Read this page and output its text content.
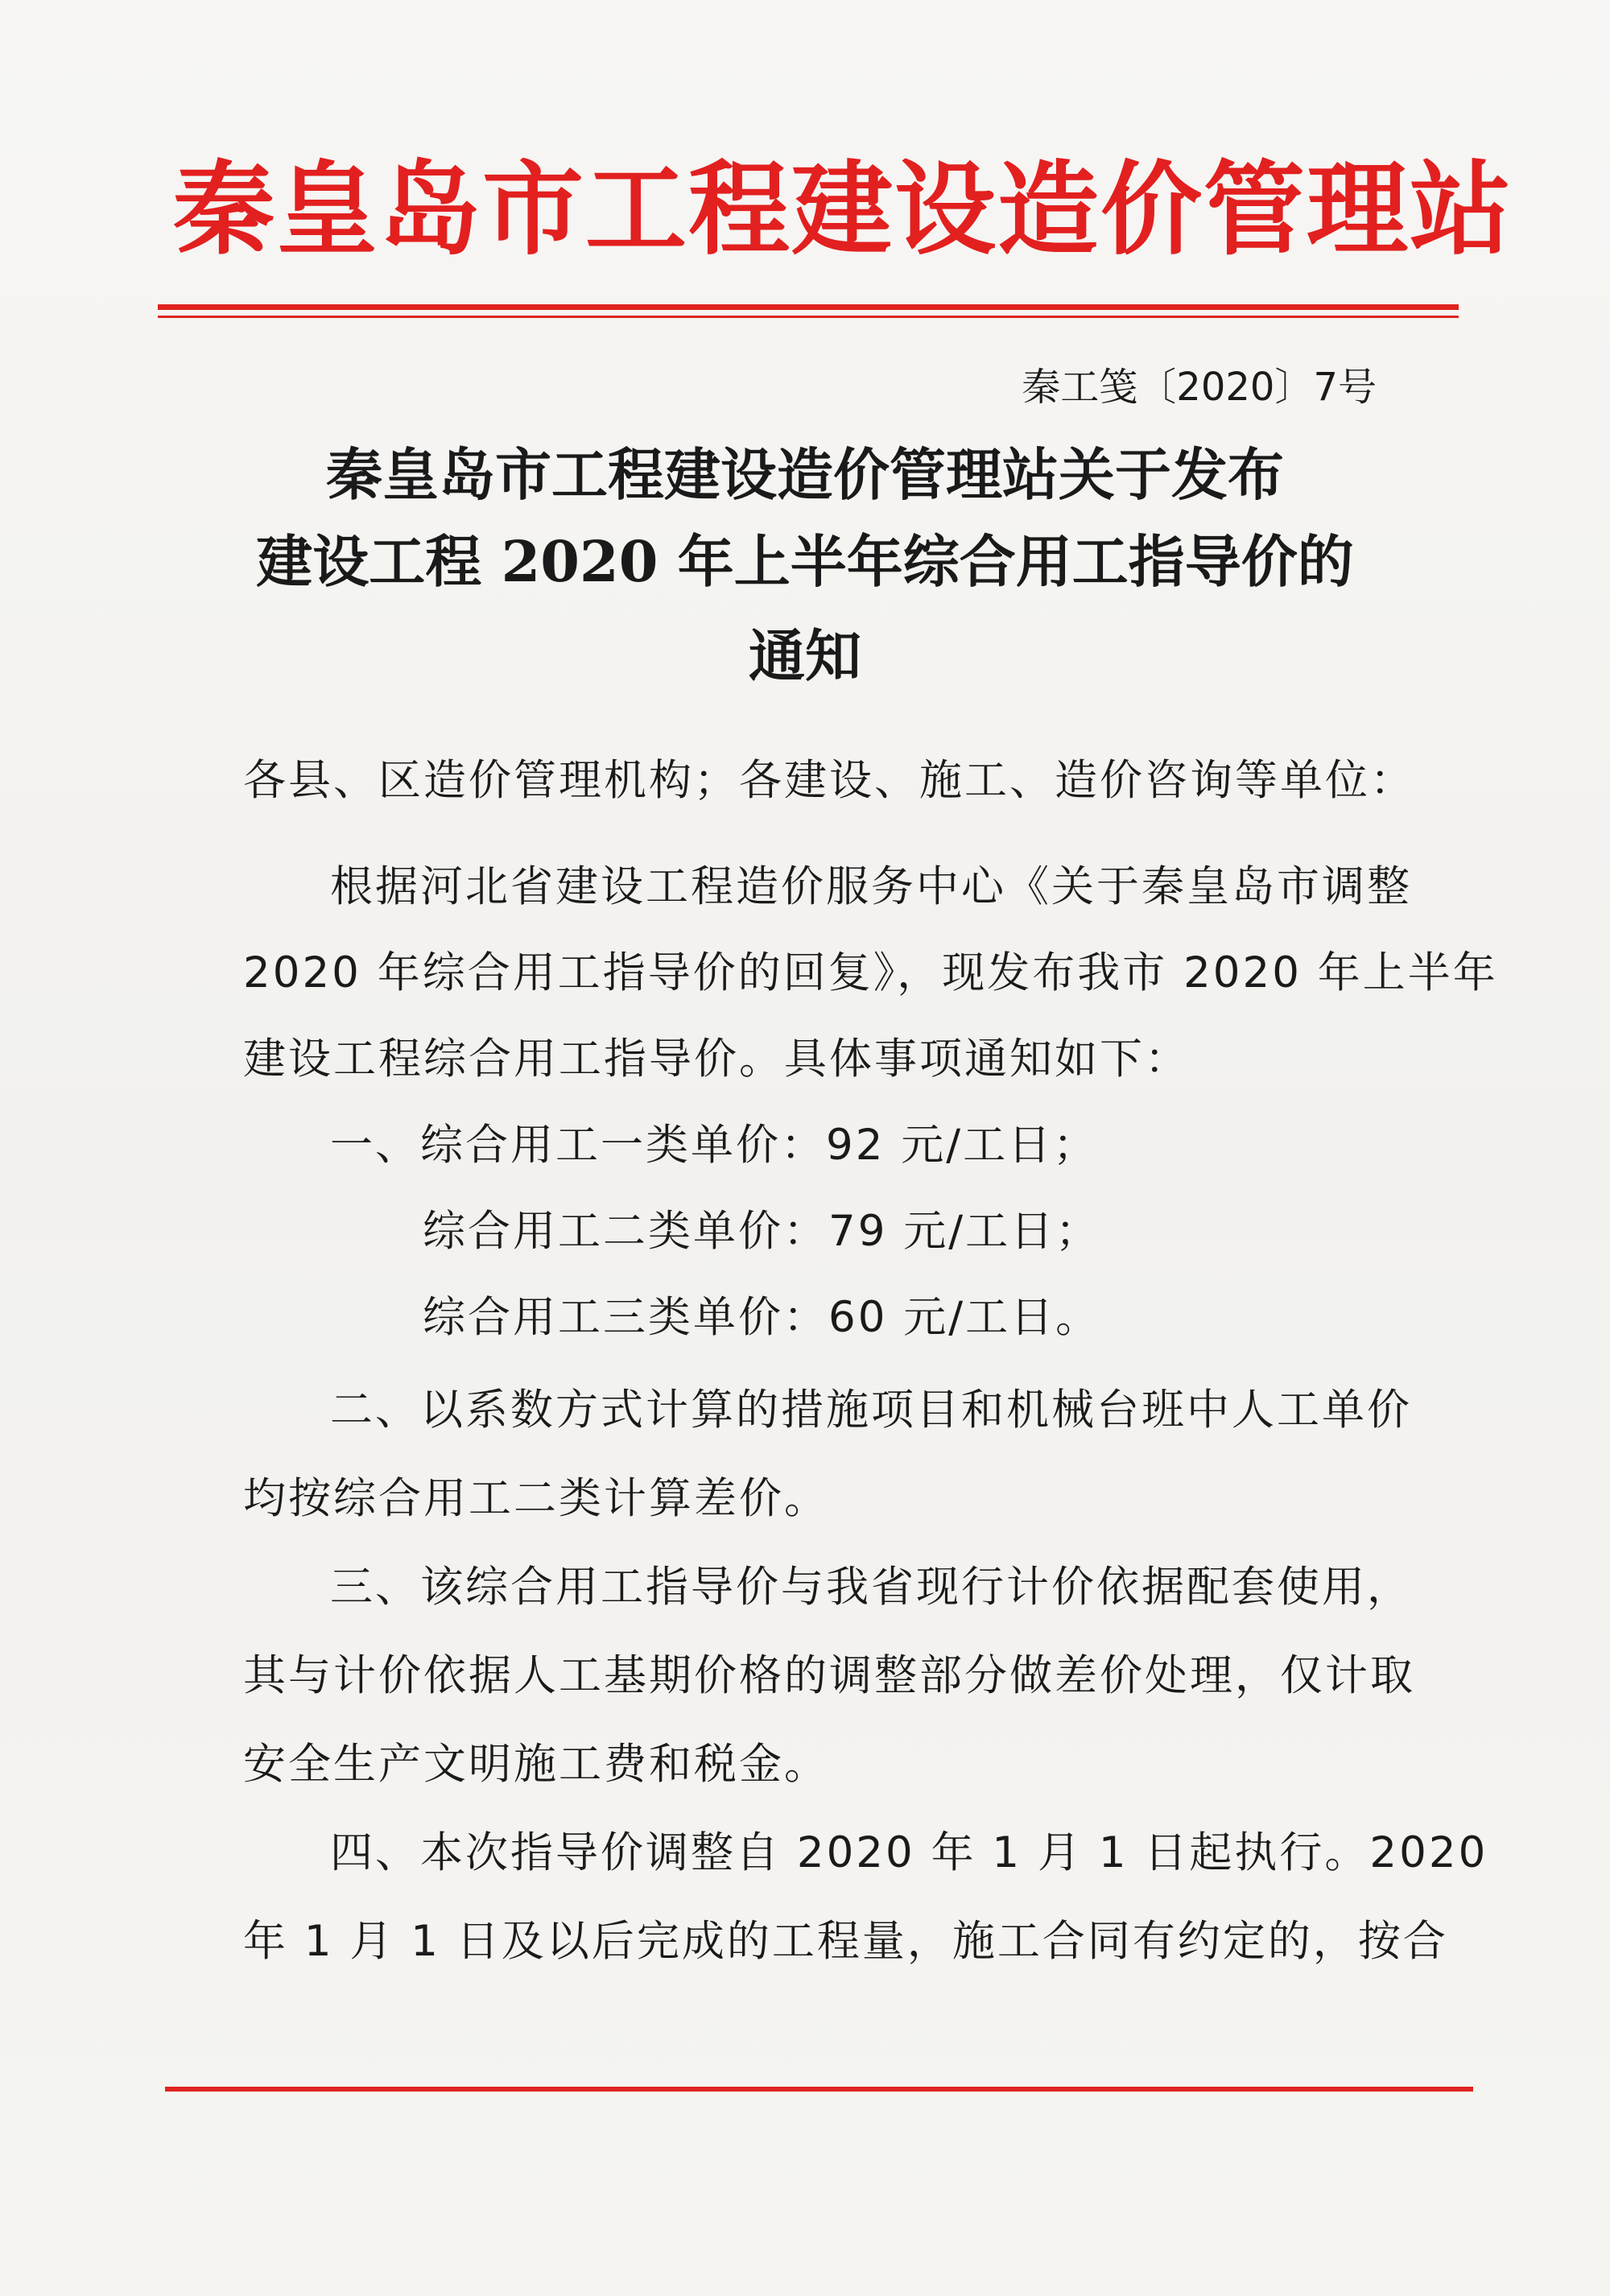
秦皇岛市工程建设造价管理站
秦工笺〔2020〕7号
秦皇岛市工程建设造价管理站关于发布
建设工程 2020 年上半年综合用工指导价的
通知
各县、区造价管理机构；各建设、施工、造价咨询等单位：
根据河北省建设工程造价服务中心《关于秦皇岛市调整
2020 年综合用工指导价的回复》，现发布我市 2020 年上半年
建设工程综合用工指导价。具体事项通知如下：
一、综合用工一类单价：92 元/工日；
综合用工二类单价：79 元/工日；
综合用工三类单价：60 元/工日。
二、以系数方式计算的措施项目和机械台班中人工单价
均按综合用工二类计算差价。
三、该综合用工指导价与我省现行计价依据配套使用，
其与计价依据人工基期价格的调整部分做差价处理，仅计取
安全生产文明施工费和税金。
四、本次指导价调整自 2020 年 1 月 1 日起执行。2020
年 1 月 1 日及以后完成的工程量，施工合同有约定的，按合
